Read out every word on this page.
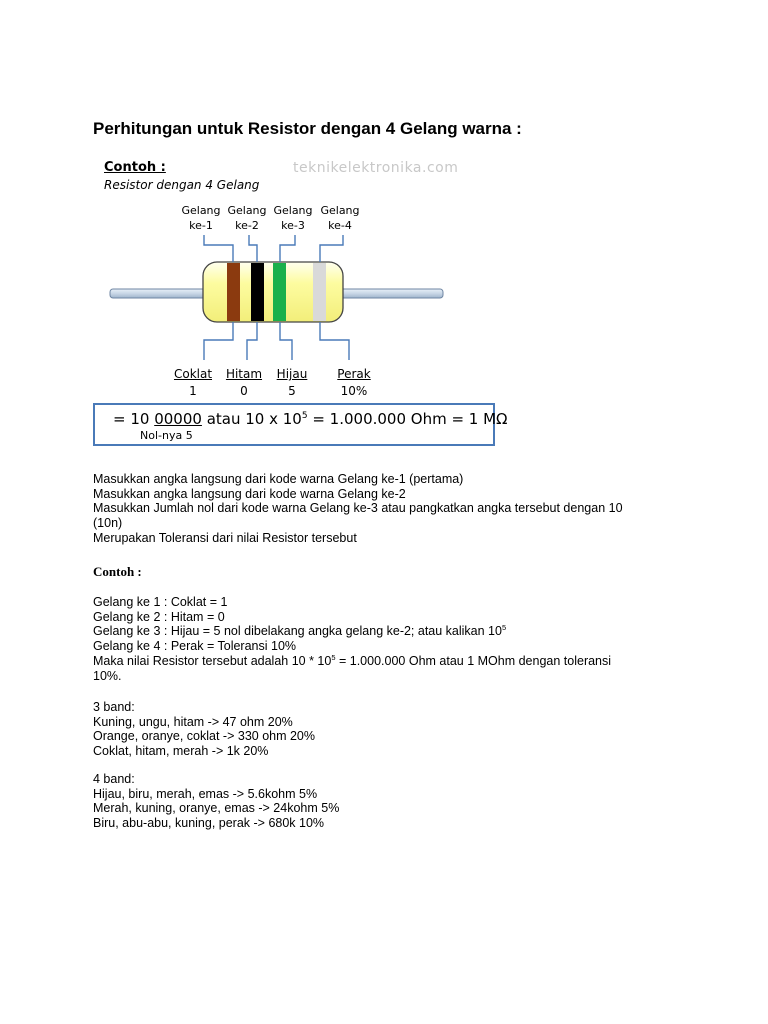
Perhitungan untuk Resistor dengan 4 Gelang warna :
Contoh :
Resistor dengan 4 Gelang
teknikelektronika.com
Gelang
ke-1
Gelang
ke-2
Gelang
ke-3
Gelang
ke-4
Coklat
1
Hitam
0
Hijau
5
Perak
10%
= 10 00000 atau 10 x $10^5 = 1.000.000$ Ohm = 1 MΩ
Nol-nya 5

Masukkan angka langsung dari kode warna Gelang ke-1 (pertama)

Masukkan angka langsung dari kode warna Gelang ke-2

Masukkan Jumlah nol dari kode warna Gelang ke-3 atau pangkatkan angka tersebut dengan 10

(10n)

Merupakan Toleransi dari nilai Resistor tersebut

Contoh :

Gelang ke 1 : Coklat = 1

Gelang ke 2 : Hitam = 0

Gelang ke 3 : Hijau = 5 nol dibelakang angka gelang ke-2; atau kalikan $10^5$

Gelang ke 4 : Perak = Toleransi 10%

Maka nilai Resistor tersebut adalah $10 * 10^5 = 1.000.000$ Ohm atau 1 MOhm dengan toleransi

10%.

3 band:

Kuning, ungu, hitam -> 47 ohm 20%

Orange, oranye, coklat -> 330 ohm 20%

Coklat, hitam, merah -> 1k 20%

4 band:

Hijau, biru, merah, emas -> 5.6kohm 5%

Merah, kuning, oranye, emas -> 24kohm 5%

Biru, abu-abu, kuning, perak -> 680k 10%
